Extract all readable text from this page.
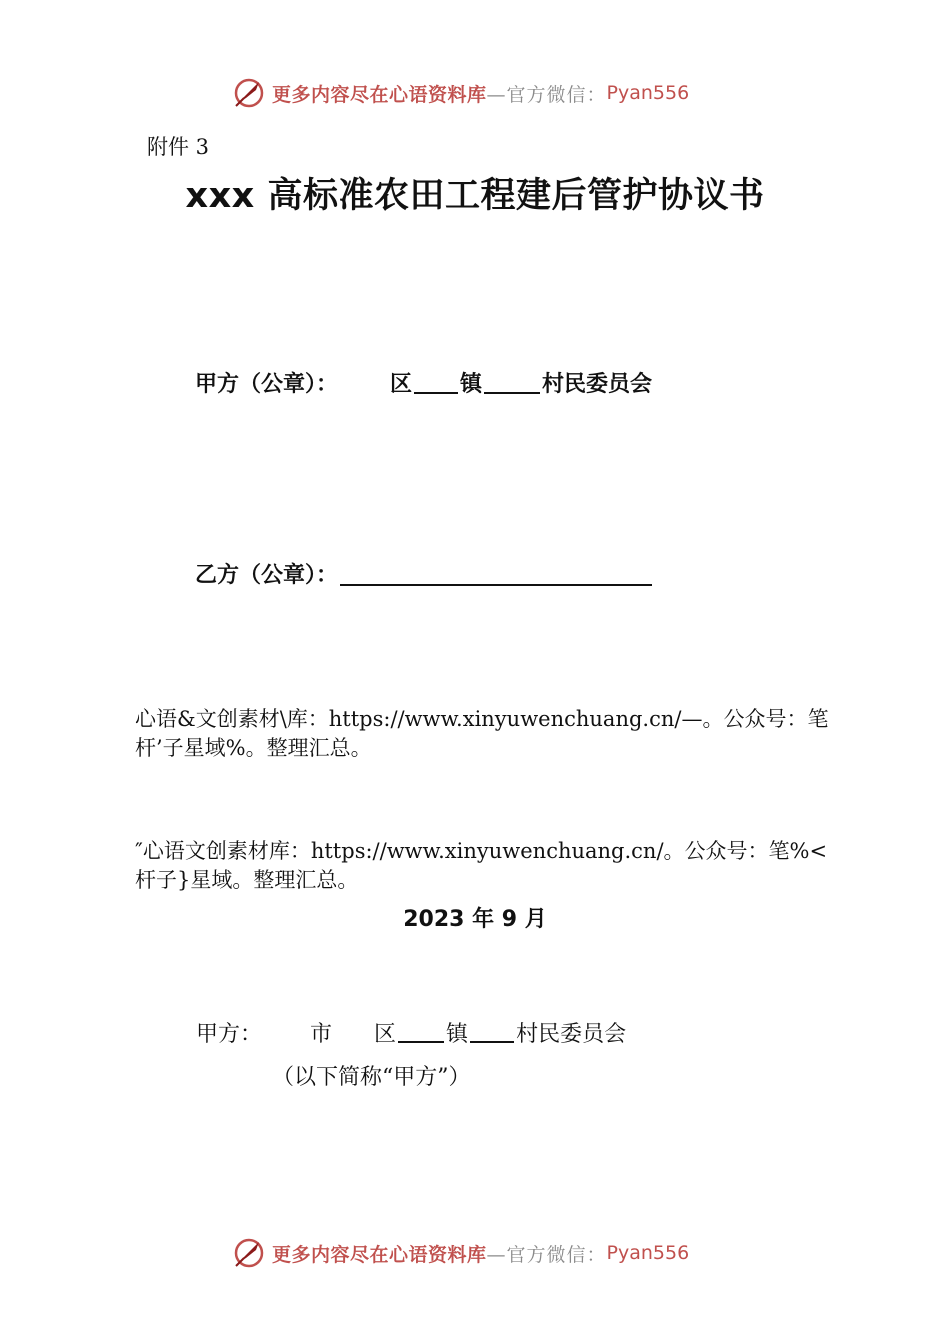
更多内容尽在心语资料库 —官方微信： Pyan556
附件 3
xxx 高标准农田工程建后管护协议书
甲方（公章）： 区 镇	村民委员会
乙方（公章）：
心语&文创素材\库：https://www.xinyuwenchuang.cn/—。公众号：笔杆’子星域%。整理汇总。
″心语文创素材库：https://www.xinyuwenchuang.cn/。公众号：笔%<杆子}星域。整理汇总。
2023 年 9 月
甲方： 市 区 镇 村民委员会
（以下简称“甲方”）
更多内容尽在心语资料库 —官方微信： Pyan556
